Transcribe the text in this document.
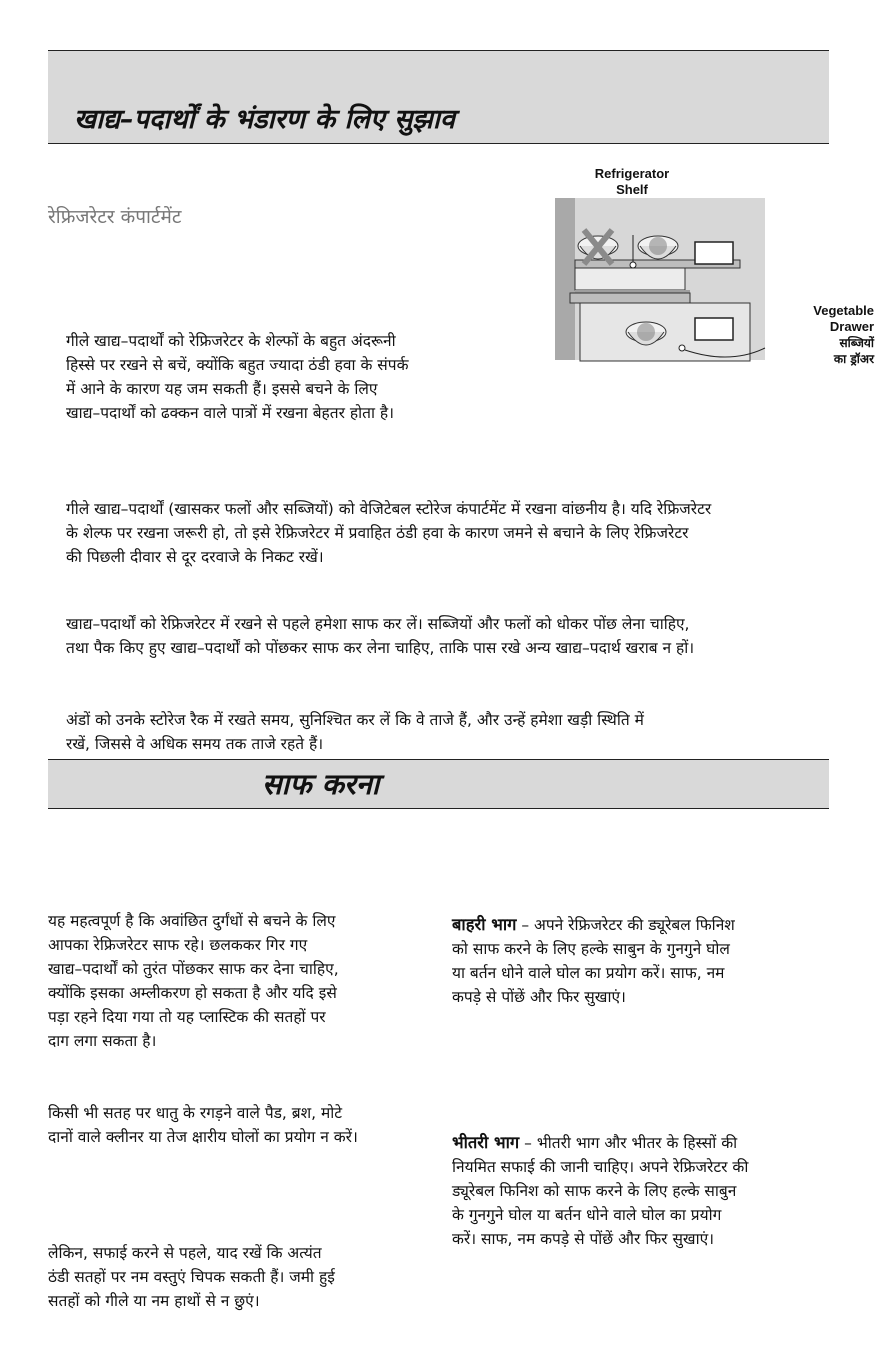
खाद्य–पदार्थों के भंडारण के लिए सुझाव
रेफ्रिजरेटर कंपार्टमेंट
Refrigerator
Shelf
Vegetable
Drawer
सब्जियों
का ड्रॉअर
गीले खाद्य–पदार्थों को रेफ्रिजरेटर के शेल्फों के बहुत अंदरूनी
हिस्से पर रखने से बचें, क्योंकि बहुत ज्यादा ठंडी हवा के संपर्क
में आने के कारण यह जम सकती हैं। इससे बचने के लिए
खाद्य–पदार्थों को ढक्कन वाले पात्रों में रखना बेहतर होता है।
गीले खाद्य–पदार्थों (खासकर फलों और सब्जियों) को वेजिटेबल स्टोरेज कंपार्टमेंट में रखना वांछनीय है। यदि रेफ्रिजरेटर
के शेल्फ पर रखना जरूरी हो, तो इसे रेफ्रिजरेटर में प्रवाहित ठंडी हवा के कारण जमने से बचाने के लिए रेफ्रिजरेटर
की पिछली दीवार से दूर दरवाजे के निकट रखें।
खाद्य–पदार्थों को रेफ्रिजरेटर में रखने से पहले हमेशा साफ कर लें। सब्जियों और फलों को धोकर पोंछ लेना चाहिए,
तथा पैक किए हुए खाद्य–पदार्थों को पोंछकर साफ कर लेना चाहिए, ताकि पास रखे अन्य खाद्य–पदार्थ खराब न हों।
अंडों को उनके स्टोरेज रैक में रखते समय, सुनिश्चित कर लें कि वे ताजे हैं, और उन्हें हमेशा खड़ी स्थिति में
रखें, जिससे वे अधिक समय तक ताजे रहते हैं।
साफ करना
यह महत्वपूर्ण है कि अवांछित दुर्गंधों से बचने के लिए
आपका रेफ्रिजरेटर साफ रहे। छलककर गिर गए
खाद्य–पदार्थों को तुरंत पोंछकर साफ कर देना चाहिए,
क्योंकि इसका अम्लीकरण हो सकता है और यदि इसे
पड़ा रहने दिया गया तो यह प्लास्टिक की सतहों पर
दाग लगा सकता है।
किसी भी सतह पर धातु के रगड़ने वाले पैड, ब्रश, मोटे
दानों वाले क्लीनर या तेज क्षारीय घोलों का प्रयोग न करें।
लेकिन, सफाई करने से पहले, याद रखें कि अत्यंत
ठंडी सतहों पर नम वस्तुएं चिपक सकती हैं। जमी हुई
सतहों को गीले या नम हाथों से न छुएं।
बाहरी भाग – अपने रेफ्रिजरेटर की ड्यूरेबल फिनिश
को साफ करने के लिए हल्के साबुन के गुनगुने घोल
या बर्तन धोने वाले घोल का प्रयोग करें। साफ, नम
कपड़े से पोंछें और फिर सुखाएं।
भीतरी भाग – भीतरी भाग और भीतर के हिस्सों की
नियमित सफाई की जानी चाहिए। अपने रेफ्रिजरेटर की
ड्यूरेबल फिनिश को साफ करने के लिए हल्के साबुन
के गुनगुने घोल या बर्तन धोने वाले घोल का प्रयोग
करें। साफ, नम कपड़े से पोंछें और फिर सुखाएं।
